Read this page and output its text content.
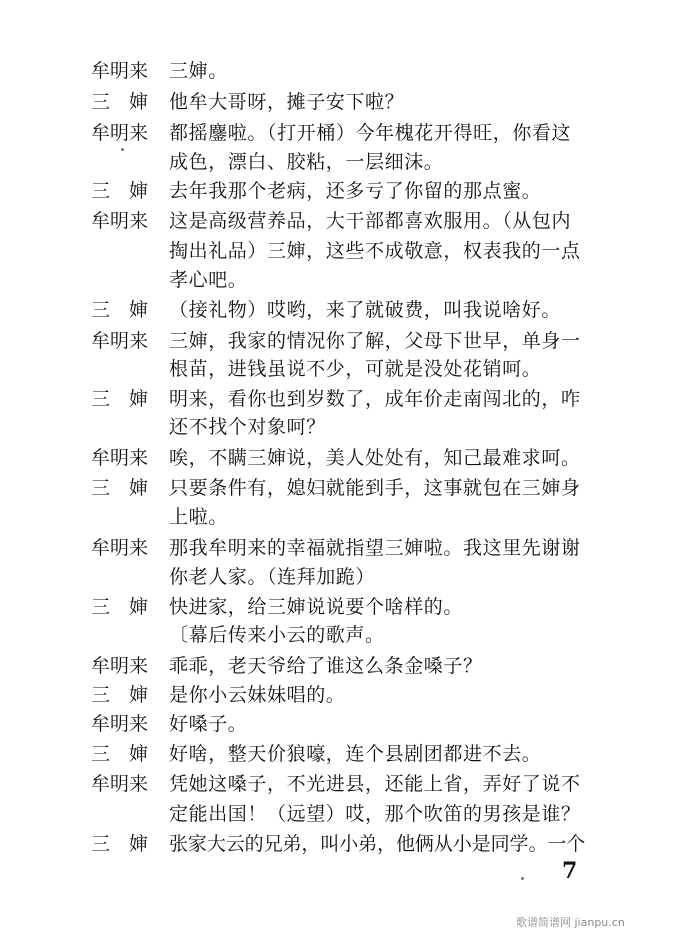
牟明来	三婶。
三　婶	他牟大哥呀，摊子安下啦？
牟明来	都摇鏖啦。（打开桶）今年槐花开得旺，你看这
成色，漂白、胶粘，一层细沫。
三　婶	去年我那个老病，还多亏了你留的那点蜜。
牟明来	这是高级营养品，大干部都喜欢服用。（从包内
掏出礼品）三婶，这些不成敬意，权表我的一点
孝心吧。
三　婶	（接礼物）哎哟，来了就破费，叫我说啥好。
牟明来	三婶，我家的情况你了解，父母下世早，单身一
根苗，进钱虽说不少，可就是没处花销呵。
三　婶	明来，看你也到岁数了，成年价走南闯北的，咋
还不找个对象呵？
牟明来	唉，不瞒三婶说，美人处处有，知己最难求呵。
三　婶	只要条件有，媳妇就能到手，这事就包在三婶身
上啦。
牟明来	那我牟明来的幸福就指望三婶啦。我这里先谢谢
你老人家。（连拜加跪）
三　婶	快进家，给三婶说说要个啥样的。
〔幕后传来小云的歌声。
牟明来	乖乖，老天爷给了谁这么条金嗓子？
三　婶	是你小云妹妹唱的。
牟明来	好嗓子。
三　婶	好啥，整天价狼嚎，连个县剧团都进不去。
牟明来	凭她这嗓子，不光进县，还能上省，弄好了说不
定能出国！（远望）哎，那个吹笛的男孩是谁？
三　婶	张家大云的兄弟，叫小弟，他俩从小是同学。一个
7
歌谱简谱网 jianpu.cn
